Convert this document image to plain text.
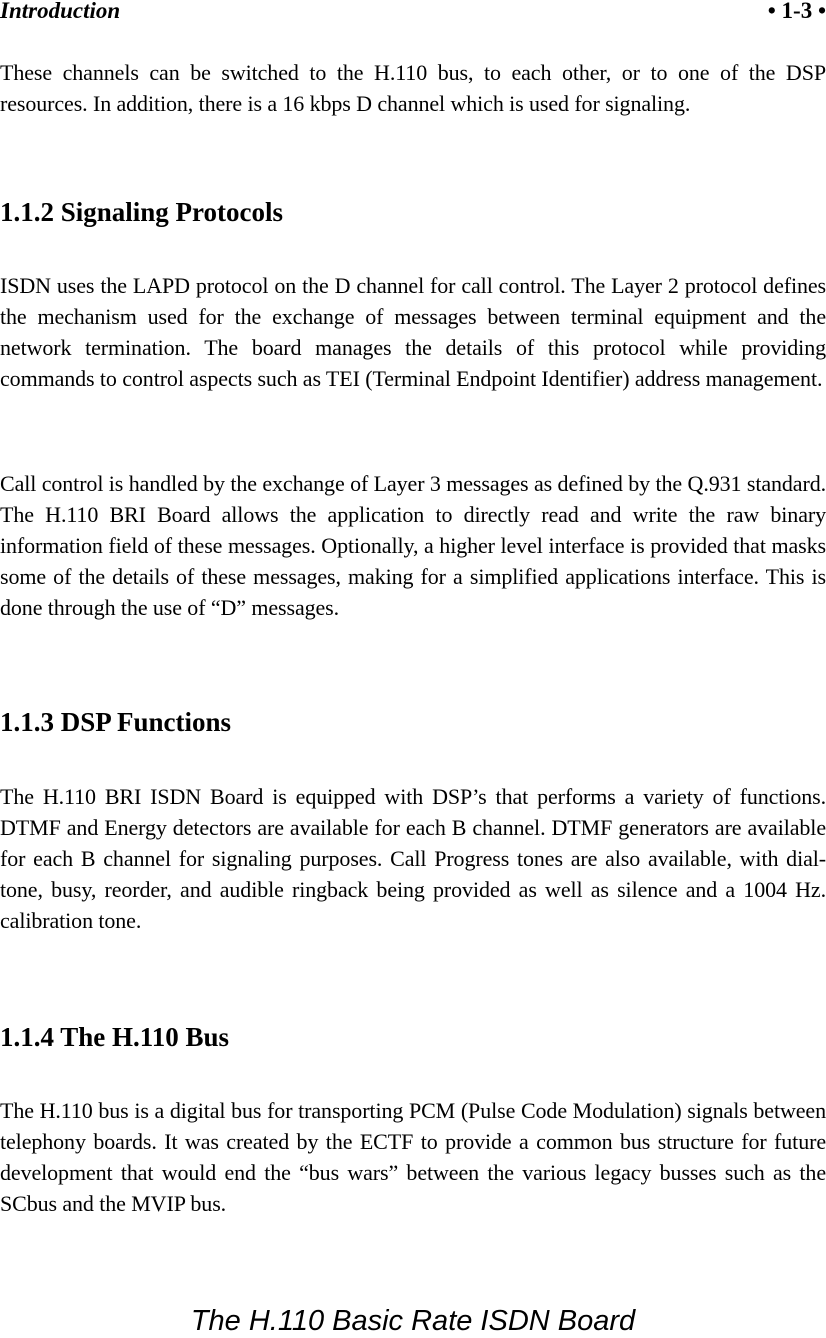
Introduction	• 1-3 •

These channels can be switched to the H.110 bus, to each other, or to one of the DSP resources. In addition, there is a 16 kbps D channel which is used for signaling.

1.1.2 Signaling Protocols

ISDN uses the LAPD protocol on the D channel for call control. The Layer 2 protocol defines the mechanism used for the exchange of messages between terminal equipment and the network termination. The board manages the details of this protocol while providing commands to control aspects such as TEI (Terminal Endpoint Identifier) address management.

Call control is handled by the exchange of Layer 3 messages as defined by the Q.931 standard. The H.110 BRI Board allows the application to directly read and write the raw binary information field of these messages. Optionally, a higher level interface is provided that masks some of the details of these messages, making for a simplified applications interface. This is done through the use of “D” messages.

1.1.3 DSP Functions

The H.110 BRI ISDN Board is equipped with DSP’s that performs a variety of functions. DTMF and Energy detectors are available for each B channel. DTMF generators are available for each B channel for signaling purposes. Call Progress tones are also available, with dial-tone, busy, reorder, and audible ringback being provided as well as silence and a 1004 Hz. calibration tone.

1.1.4 The H.110 Bus

The H.110 bus is a digital bus for transporting PCM (Pulse Code Modulation) signals between telephony boards. It was created by the ECTF to provide a common bus structure for future development that would end the “bus wars” between the various legacy busses such as the SCbus and the MVIP bus.

The H.110 Basic Rate ISDN Board
